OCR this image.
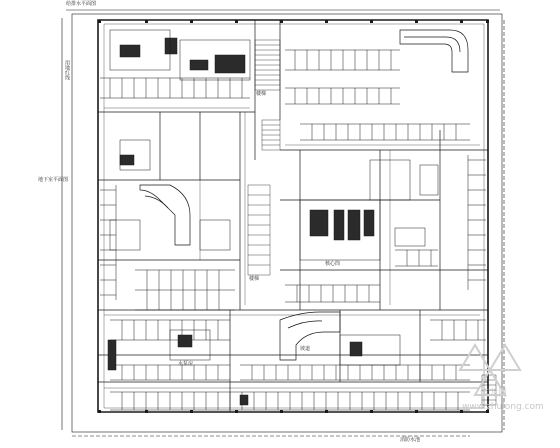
给排水平面图
地下室平面图
用地红线
楼梯
楼梯
坡道
水泵房
核心筒
消防水池
筑龙网
www.zhulong.com
